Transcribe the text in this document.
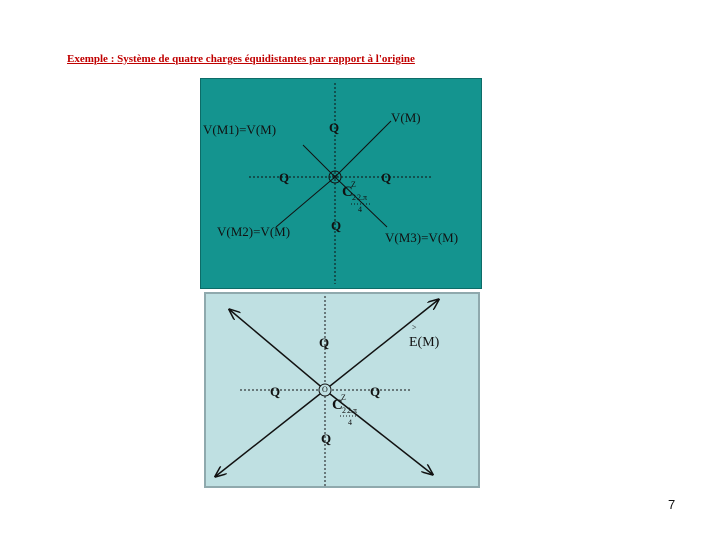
Exemple : Système de quatre charges équidistantes par rapport à l'origine
V(M)
V(M1)=V(M)	Q
Q	Q
Q
O
C
Z
2 2.π
4
V(M2)=V(M)	V(M3)=V(M)
>
E(M)
Q
Q	Q
Q
O
C
Z
2 2.π
4
7
